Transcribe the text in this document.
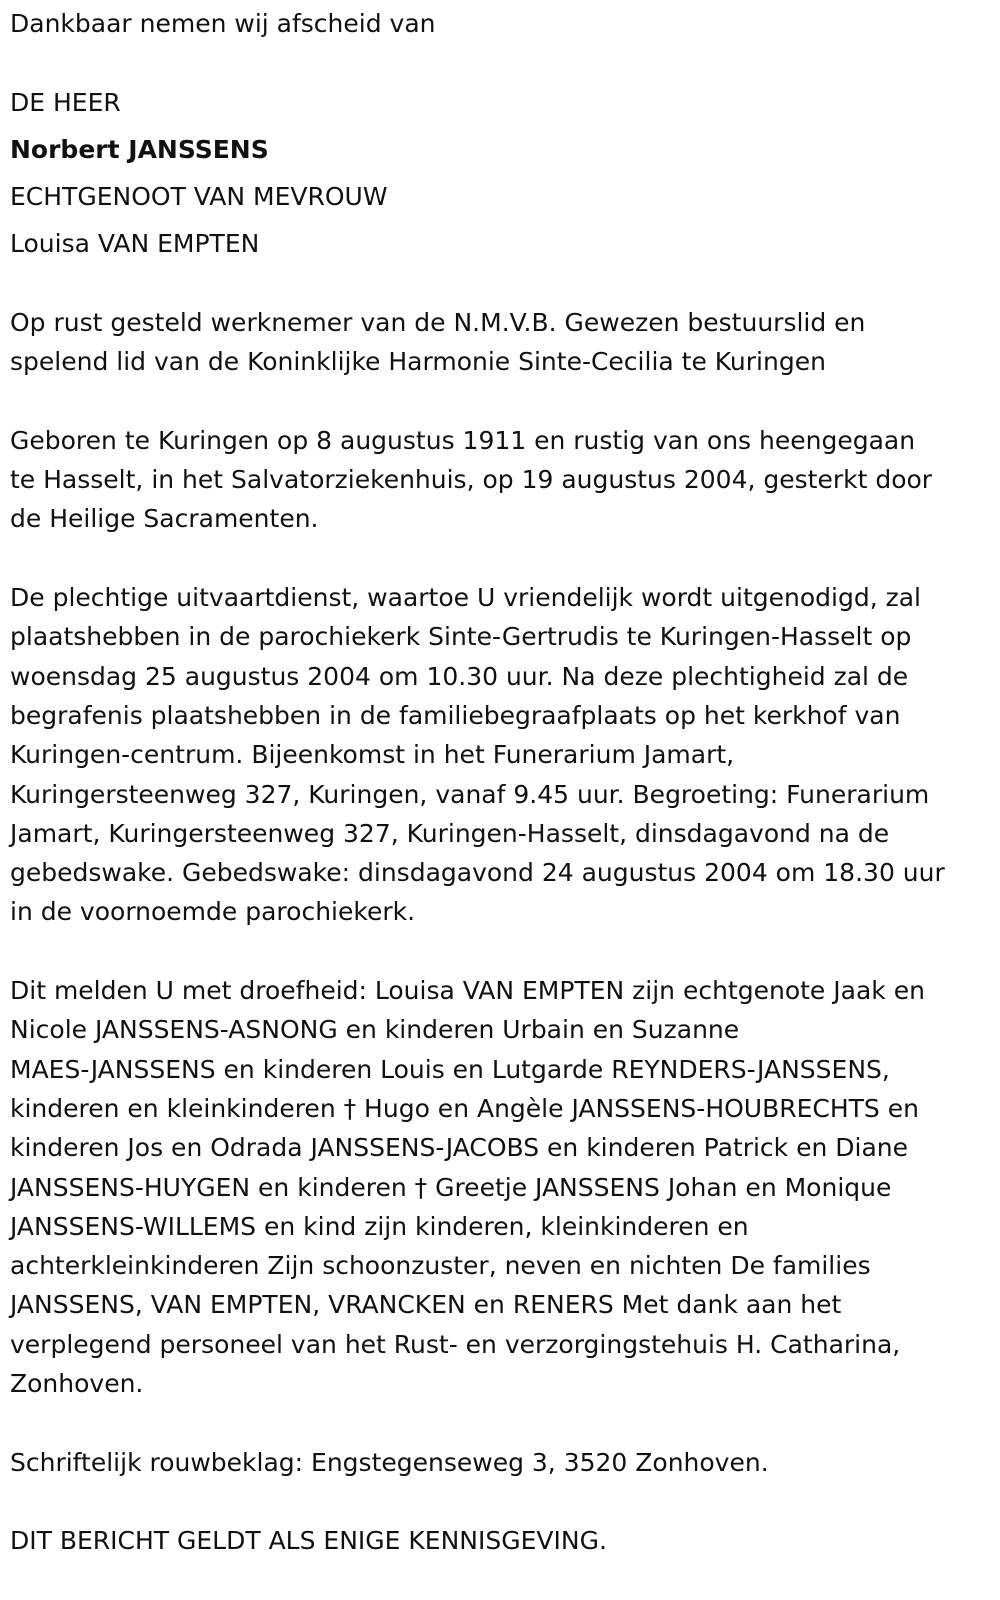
Dankbaar nemen wij afscheid van
DE HEER
Norbert JANSSENS
ECHTGENOOT VAN MEVROUW
Louisa VAN EMPTEN
Op rust gesteld werknemer van de N.M.V.B. Gewezen bestuurslid en
spelend lid van de Koninklijke Harmonie Sinte-Cecilia te Kuringen
Geboren te Kuringen op 8 augustus 1911 en rustig van ons heengegaan
te Hasselt, in het Salvatorziekenhuis, op 19 augustus 2004, gesterkt door
de Heilige Sacramenten.
De plechtige uitvaartdienst, waartoe U vriendelijk wordt uitgenodigd, zal
plaatshebben in de parochiekerk Sinte-Gertrudis te Kuringen-Hasselt op
woensdag 25 augustus 2004 om 10.30 uur. Na deze plechtigheid zal de
begrafenis plaatshebben in de familiebegraafplaats op het kerkhof van
Kuringen-centrum. Bijeenkomst in het Funerarium Jamart,
Kuringersteenweg 327, Kuringen, vanaf 9.45 uur. Begroeting: Funerarium
Jamart, Kuringersteenweg 327, Kuringen-Hasselt, dinsdagavond na de
gebedswake. Gebedswake: dinsdagavond 24 augustus 2004 om 18.30 uur
in de voornoemde parochiekerk.
Dit melden U met droefheid: Louisa VAN EMPTEN zijn echtgenote Jaak en
Nicole JANSSENS-ASNONG en kinderen Urbain en Suzanne
MAES-JANSSENS en kinderen Louis en Lutgarde REYNDERS-JANSSENS,
kinderen en kleinkinderen † Hugo en Angèle JANSSENS-HOUBRECHTS en
kinderen Jos en Odrada JANSSENS-JACOBS en kinderen Patrick en Diane
JANSSENS-HUYGEN en kinderen † Greetje JANSSENS Johan en Monique
JANSSENS-WILLEMS en kind zijn kinderen, kleinkinderen en
achterkleinkinderen Zijn schoonzuster, neven en nichten De families
JANSSENS, VAN EMPTEN, VRANCKEN en RENERS Met dank aan het
verplegend personeel van het Rust- en verzorgingstehuis H. Catharina,
Zonhoven.
Schriftelijk rouwbeklag: Engstegenseweg 3, 3520 Zonhoven.
DIT BERICHT GELDT ALS ENIGE KENNISGEVING.
